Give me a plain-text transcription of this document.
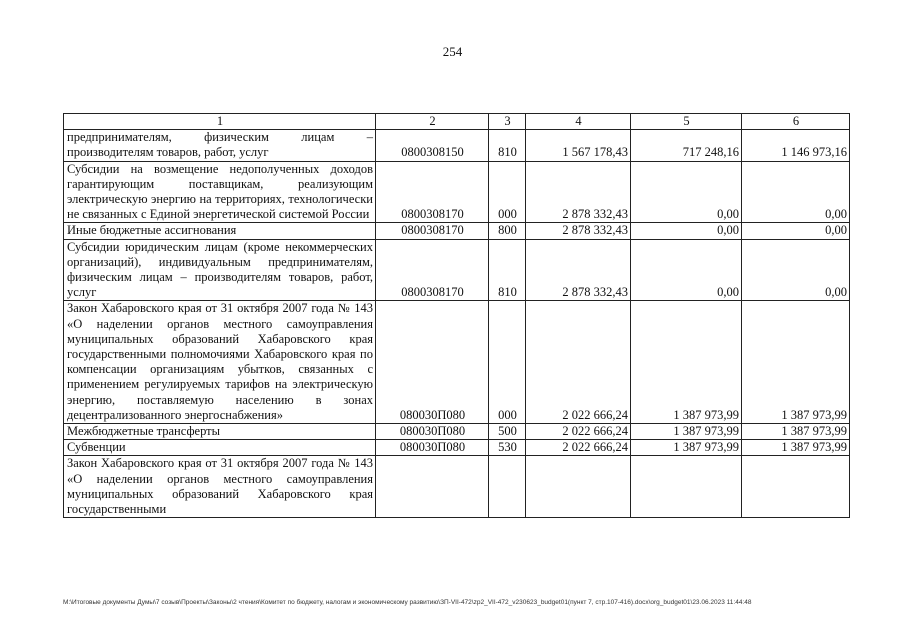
254
1	2	3	4	5	6
предпринимателям, физическим лицам – производителям товаров, работ, услуг	0800308150	810	1 567 178,43	717 248,16	1 146 973,16
Субсидии на возмещение недополученных доходов гарантирующим поставщикам, реализующим электрическую энергию на территориях, технологически не связанных с Единой энергетической системой России	0800308170	000	2 878 332,43	0,00	0,00
Иные бюджетные ассигнования	0800308170	800	2 878 332,43	0,00	0,00
Субсидии юридическим лицам (кроме некоммерческих организаций), индивидуальным предпринимателям, физическим лицам – производителям товаров, работ, услуг	0800308170	810	2 878 332,43	0,00	0,00
Закон Хабаровского края от 31 октября 2007 года № 143 «О наделении органов местного самоуправления муниципальных образований Хабаровского края государственными полномочиями Хабаровского края по компенсации организациям убытков, связанных с применением регулируемых тарифов на электрическую энергию, поставляемую населению в зонах децентрализованного энергоснабжения»	080030П080	000	2 022 666,24	1 387 973,99	1 387 973,99
Межбюджетные трансферты	080030П080	500	2 022 666,24	1 387 973,99	1 387 973,99
Субвенции	080030П080	530	2 022 666,24	1 387 973,99	1 387 973,99
Закон Хабаровского края от 31 октября 2007 года № 143 «О наделении органов местного самоуправления муниципальных образований Хабаровского края государственными					
M:\Итоговые документы Думы\7 созыв\Проекты\Законы\2 чтения\Комитет по бюджету, налогам и экономическому развитию\ЗП-VII-472\zp2_VII-472_v230623_budget01(пункт 7, стр.107-416).docx\org_budget01\23.06.2023 11:44:48
